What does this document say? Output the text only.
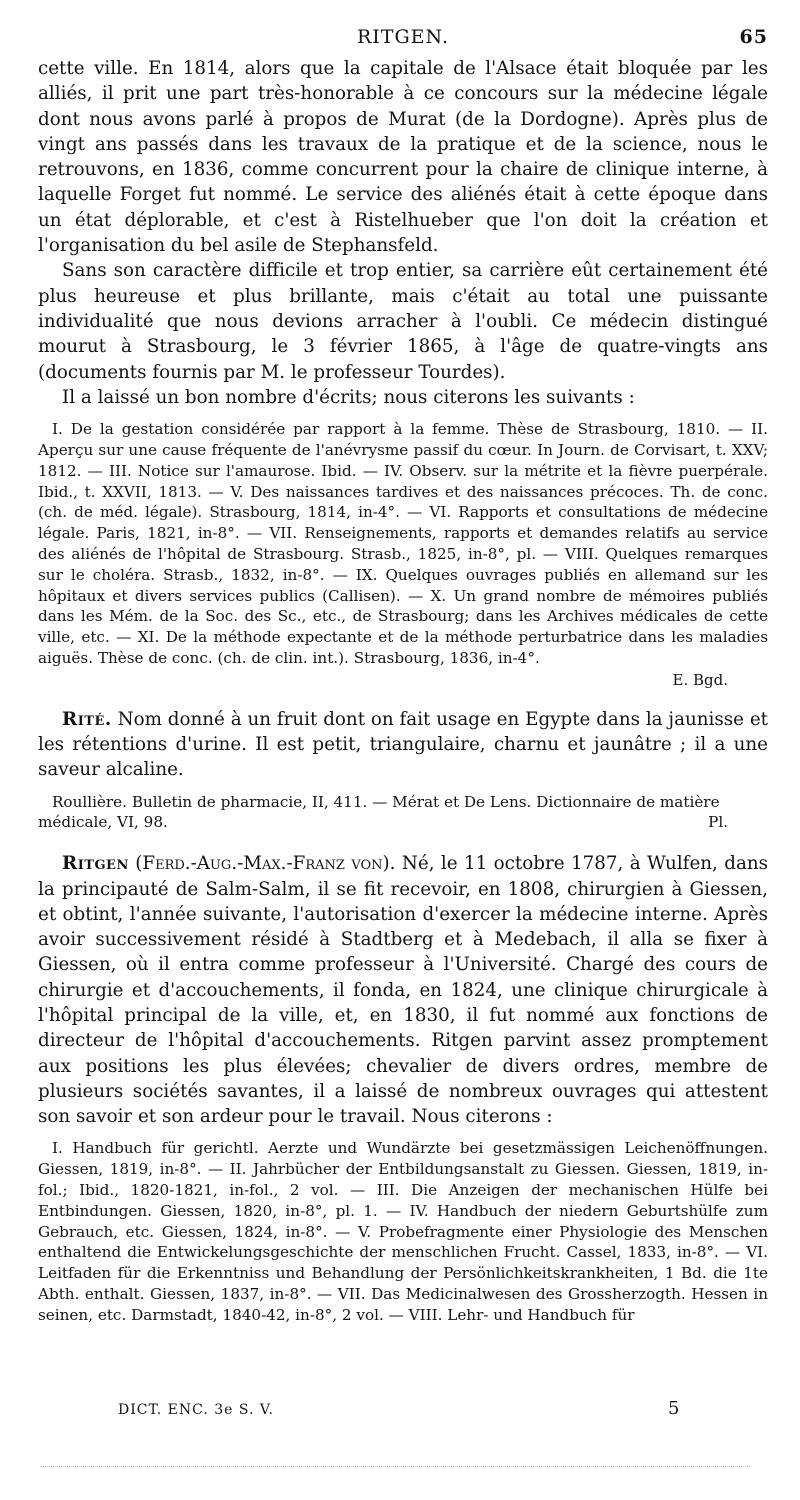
RITGEN.	65

cette ville. En 1814, alors que la capitale de l'Alsace était bloquée par les alliés, il prit une part très-honorable à ce concours sur la médecine légale dont nous avons parlé à propos de Murat (de la Dordogne). Après plus de vingt ans passés dans les travaux de la pratique et de la science, nous le retrouvons, en 1836, comme concurrent pour la chaire de clinique interne, à laquelle Forget fut nommé. Le service des aliénés était à cette époque dans un état déplorable, et c'est à Ristelhueber que l'on doit la création et l'organisation du bel asile de Stephansfeld.

Sans son caractère difficile et trop entier, sa carrière eût certainement été plus heureuse et plus brillante, mais c'était au total une puissante individualité que nous devions arracher à l'oubli. Ce médecin distingué mourut à Strasbourg, le 3 février 1865, à l'âge de quatre-vingts ans (documents fournis par M. le professeur Tourdes).

Il a laissé un bon nombre d'écrits; nous citerons les suivants :

I. De la gestation considérée par rapport à la femme. Thèse de Strasbourg, 1810. — II. Aperçu sur une cause fréquente de l'anévrysme passif du cœur. In Journ. de Corvisart, t. XXV; 1812. — III. Notice sur l'amaurose. Ibid. — IV. Observ. sur la métrite et la fièvre puerpérale. Ibid., t. XXVII, 1813. — V. Des naissances tardives et des naissances précoces. Th. de conc. (ch. de méd. légale). Strasbourg, 1814, in-4°. — VI. Rapports et consultations de médecine légale. Paris, 1821, in-8°. — VII. Renseignements, rapports et demandes relatifs au service des aliénés de l'hôpital de Strasbourg. Strasb., 1825, in-8°, pl. — VIII. Quelques remarques sur le choléra. Strasb., 1832, in-8°. — IX. Quelques ouvrages publiés en allemand sur les hôpitaux et divers services publics (Callisen). — X. Un grand nombre de mémoires publiés dans les Mém. de la Soc. des Sc., etc., de Strasbourg; dans les Archives médicales de cette ville, etc. — XI. De la méthode expectante et de la méthode perturbatrice dans les maladies aiguës. Thèse de conc. (ch. de clin. int.). Strasbourg, 1836, in-4°.

E. Bgd.

Rité. Nom donné à un fruit dont on fait usage en Egypte dans la jaunisse et les rétentions d'urine. Il est petit, triangulaire, charnu et jaunâtre ; il a une saveur alcaline.

Roullière. Bulletin de pharmacie, II, 411. — Mérat et De Lens. Dictionnaire de matière médicale, VI, 98.	Pl.

Ritgen (Ferd.-Aug.-Max.-Franz von). Né, le 11 octobre 1787, à Wulfen, dans la principauté de Salm-Salm, il se fit recevoir, en 1808, chirurgien à Giessen, et obtint, l'année suivante, l'autorisation d'exercer la médecine interne. Après avoir successivement résidé à Stadtberg et à Medebach, il alla se fixer à Giessen, où il entra comme professeur à l'Université. Chargé des cours de chirurgie et d'accouchements, il fonda, en 1824, une clinique chirurgicale à l'hôpital principal de la ville, et, en 1830, il fut nommé aux fonctions de directeur de l'hôpital d'accouchements. Ritgen parvint assez promptement aux positions les plus élevées; chevalier de divers ordres, membre de plusieurs sociétés savantes, il a laissé de nombreux ouvrages qui attestent son savoir et son ardeur pour le travail. Nous citerons :

I. Handbuch für gerichtl. Aerzte und Wundärzte bei gesetzmässigen Leichenöffnungen. Giessen, 1819, in-8°. — II. Jahrbücher der Entbildungsanstalt zu Giessen. Giessen, 1819, in-fol.; Ibid., 1820-1821, in-fol., 2 vol. — III. Die Anzeigen der mechanischen Hülfe bei Entbindungen. Giessen, 1820, in-8°, pl. 1. — IV. Handbuch der niedern Geburtshülfe zum Gebrauch, etc. Giessen, 1824, in-8°. — V. Probefragmente einer Physiologie des Menschen enthaltend die Entwickelungsgeschichte der menschlichen Frucht. Cassel, 1833, in-8°. — VI. Leitfaden für die Erkenntniss und Behandlung der Persönlichkeitskrankheiten, 1 Bd. die 1te Abth. enthalt. Giessen, 1837, in-8°. — VII. Das Medicinalwesen des Grossherzogth. Hessen in seinen, etc. Darmstadt, 1840-42, in-8°, 2 vol. — VIII. Lehr- und Handbuch für

DICT. ENC. 3e S. V.	5
